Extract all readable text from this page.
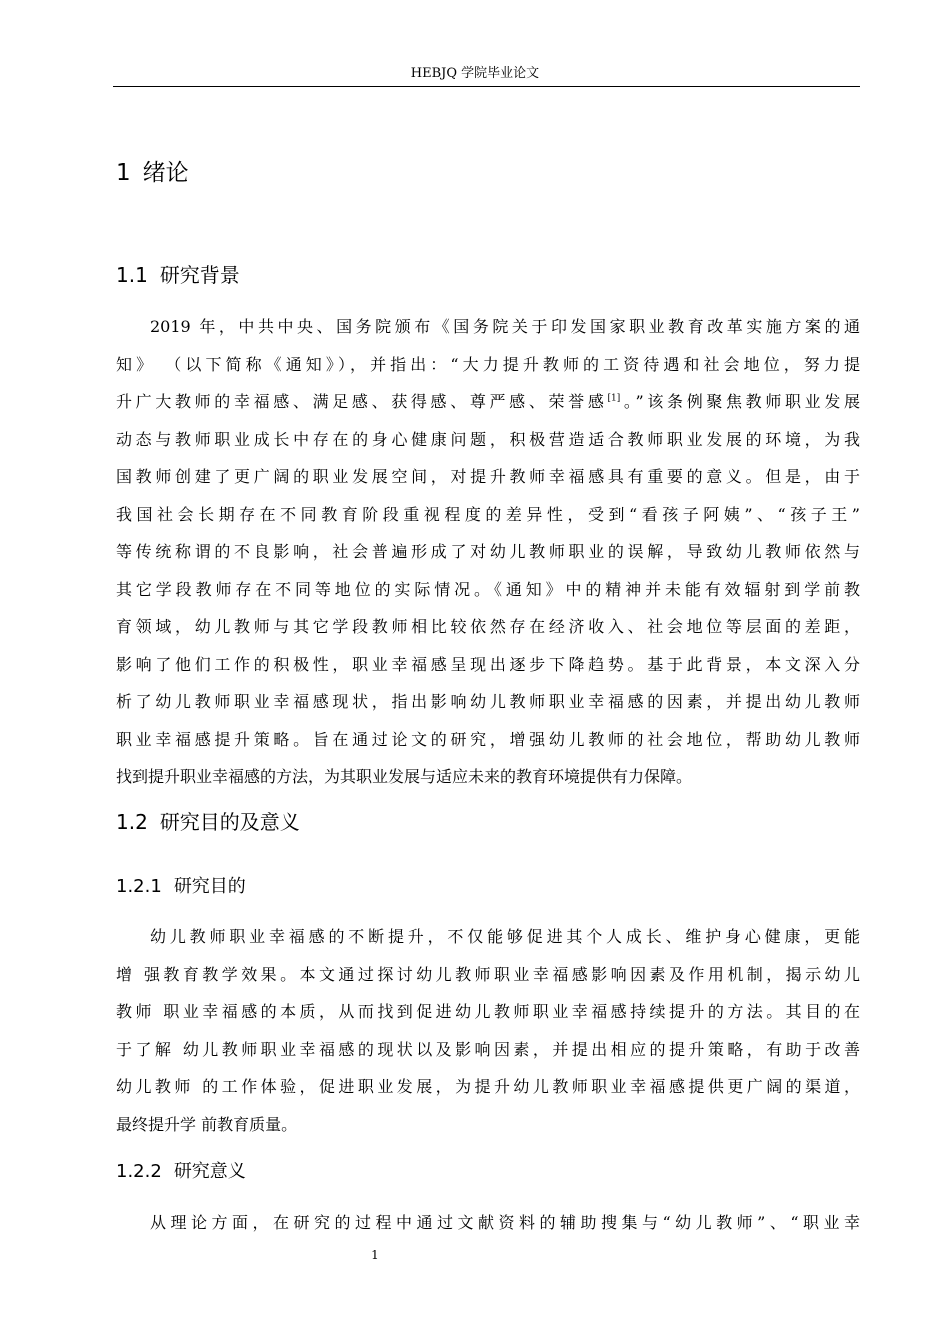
HEBJQ 学院毕业论文
1 绪论
1.1 研究背景
2019 年，中共中央、国务院颁布《国务院关于印发国家职业教育改革实施方案的通
知》 （以下简称《通知》），并指出：“大力提升教师的工资待遇和社会地位，努力提
升广大教师的幸福感、满足感、获得感、尊严感、荣誉感[1]。”该条例聚焦教师职业发展
动态与教师职业成长中存在的身心健康问题，积极营造适合教师职业发展的环境，为我
国教师创建了更广阔的职业发展空间，对提升教师幸福感具有重要的意义。但是，由于
我国社会长期存在不同教育阶段重视程度的差异性，受到“看孩子阿姨”、“孩子王”
等传统称谓的不良影响，社会普遍形成了对幼儿教师职业的误解，导致幼儿教师依然与
其它学段教师存在不同等地位的实际情况。《通知》中的精神并未能有效辐射到学前教
育领域，幼儿教师与其它学段教师相比较依然存在经济收入、社会地位等层面的差距，
影响了他们工作的积极性，职业幸福感呈现出逐步下降趋势。基于此背景，本文深入分
析了幼儿教师职业幸福感现状，指出影响幼儿教师职业幸福感的因素，并提出幼儿教师
职业幸福感提升策略。旨在通过论文的研究，增强幼儿教师的社会地位，帮助幼儿教师
找到提升职业幸福感的方法，为其职业发展与适应未来的教育环境提供有力保障。
1.2 研究目的及意义
1.2.1 研究目的
幼儿教师职业幸福感的不断提升，不仅能够促进其个人成长、维护身心健康，更能
增 强教育教学效果。本文通过探讨幼儿教师职业幸福感影响因素及作用机制，揭示幼儿
教师 职业幸福感的本质，从而找到促进幼儿教师职业幸福感持续提升的方法。其目的在
于了解 幼儿教师职业幸福感的现状以及影响因素，并提出相应的提升策略，有助于改善
幼儿教师 的工作体验，促进职业发展，为提升幼儿教师职业幸福感提供更广阔的渠道，
最终提升学 前教育质量。
1.2.2 研究意义
从理论方面，在研究的过程中通过文献资料的辅助搜集与“幼儿教师”、“职业幸
1
